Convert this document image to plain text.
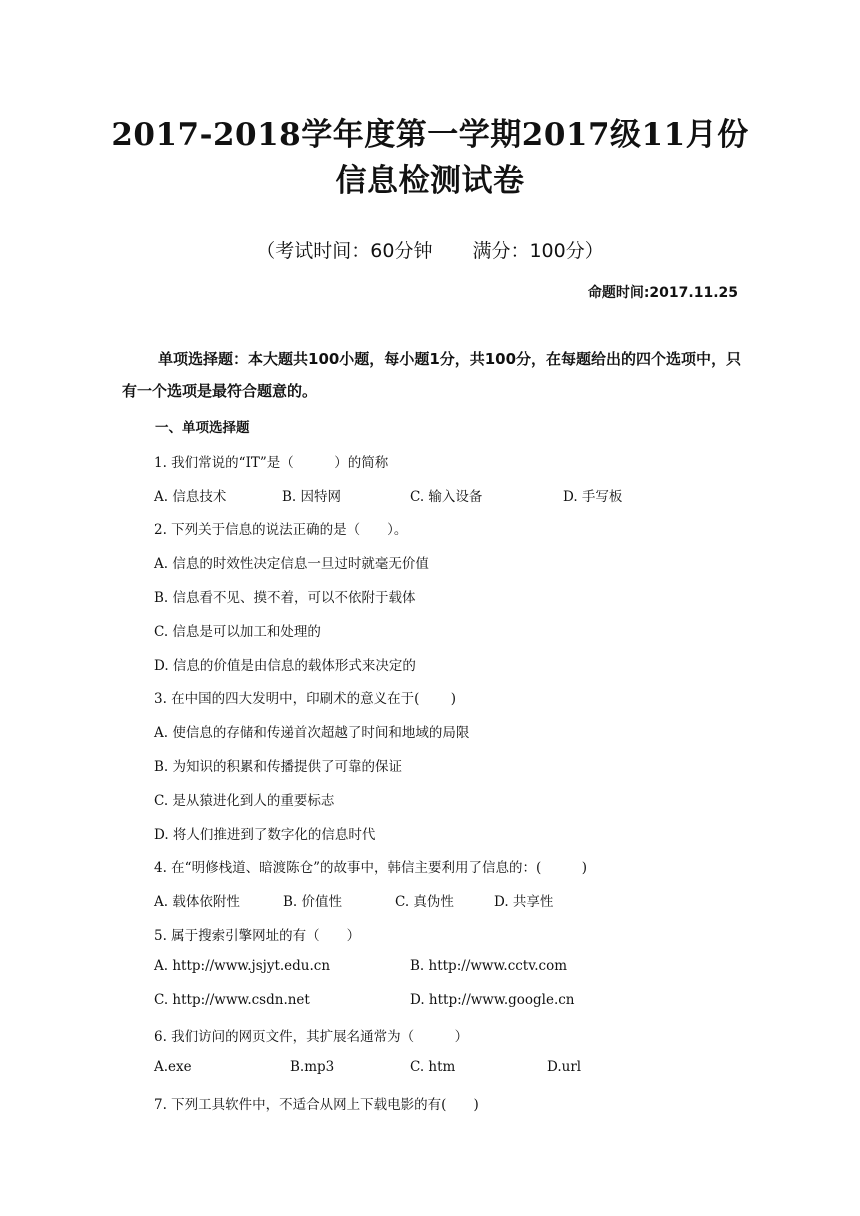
2017-2018学年度第一学期2017级11月份
信息检测试卷
（考试时间：60分钟 满分：100分）
命题时间:2017.11.25
单项选择题：本大题共100小题，每小题1分，共100分，在每题给出的四个选项中，只有一个选项是最符合题意的。
一、单项选择题
1. 我们常说的“IT”是（　　　）的简称
A. 信息技术	B. 因特网	C. 输入设备	D. 手写板
2. 下列关于信息的说法正确的是（　　）。
A. 信息的时效性决定信息一旦过时就毫无价值
B. 信息看不见、摸不着，可以不依附于载体
C. 信息是可以加工和处理的
D. 信息的价值是由信息的载体形式来决定的
3. 在中国的四大发明中，印刷术的意义在于(　　 )
A. 使信息的存储和传递首次超越了时间和地域的局限
B. 为知识的积累和传播提供了可靠的保证
C. 是从猿进化到人的重要标志
D. 将人们推进到了数字化的信息时代
4. 在“明修栈道、暗渡陈仓”的故事中，韩信主要利用了信息的：(　　　)
A. 载体依附性	B. 价值性	C. 真伪性	D. 共享性
5. 属于搜索引擎网址的有（　　）
A. http://www.jsjyt.edu.cn	B. http://www.cctv.com
C. http://www.csdn.net	D. http://www.google.cn
6. 我们访问的网页文件，其扩展名通常为（　　　）
A.exe	B.mp3	C. htm	D.url
7. 下列工具软件中，不适合从网上下载电影的有(　　)
